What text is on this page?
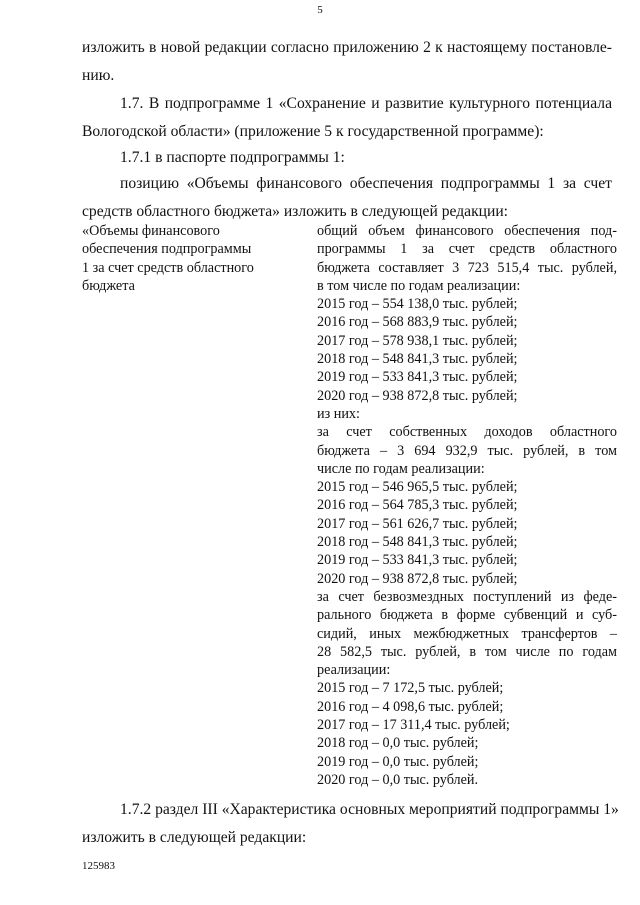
5

изложить в новой редакции согласно приложению 2 к настоящему постановле-
нию.

1.7. В подпрограмме 1 «Сохранение и развитие культурного потенциала
Вологодской области» (приложение 5 к государственной программе):

1.7.1 в паспорте подпрограммы 1:

позицию «Объемы финансового обеспечения подпрограммы 1 за счет
средств областного бюджета» изложить в следующей редакции:

«Объемы финансового
обеспечения подпрограммы
1 за счет средств областного
бюджета
общий объем финансового обеспечения под-
программы 1 за счет средств областного
бюджета составляет 3 723 515,4 тыс. рублей,
в том числе по годам реализации:
2015 год – 554 138,0 тыс. рублей;
2016 год – 568 883,9 тыс. рублей;
2017 год – 578 938,1 тыс. рублей;
2018 год – 548 841,3 тыс. рублей;
2019 год – 533 841,3 тыс. рублей;
2020 год – 938 872,8 тыс. рублей;
из них:
за счет собственных доходов областного
бюджета – 3 694 932,9 тыс. рублей, в том
числе по годам реализации:
2015 год – 546 965,5 тыс. рублей;
2016 год – 564 785,3 тыс. рублей;
2017 год – 561 626,7 тыс. рублей;
2018 год – 548 841,3 тыс. рублей;
2019 год – 533 841,3 тыс. рублей;
2020 год – 938 872,8 тыс. рублей;
за счет безвозмездных поступлений из феде-
рального бюджета в форме субвенций и суб-
сидий, иных межбюджетных трансфертов –
28 582,5 тыс. рублей, в том числе по годам
реализации:
2015 год – 7 172,5 тыс. рублей;
2016 год – 4 098,6 тыс. рублей;
2017 год – 17 311,4 тыс. рублей;
2018 год – 0,0 тыс. рублей;
2019 год – 0,0 тыс. рублей;
2020 год – 0,0 тыс. рублей.

1.7.2 раздел III «Характеристика основных мероприятий подпрограммы 1»
изложить в следующей редакции:

125983
